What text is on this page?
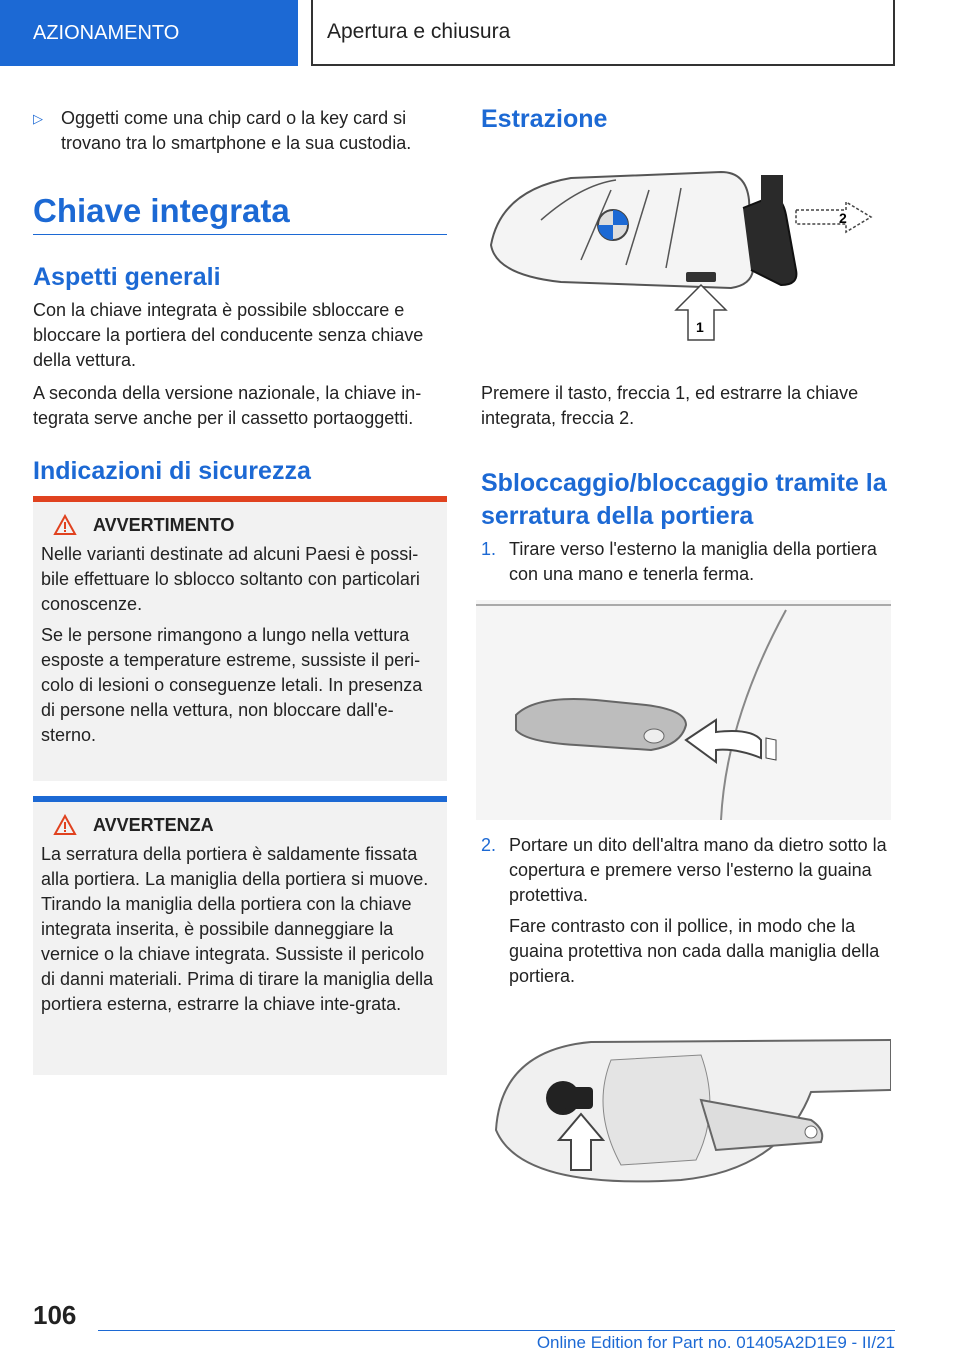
AZIONAMENTO	Apertura e chiusura
▷	Oggetti come una chip card o la key card si trovano tra lo smartphone e la sua custodia.
Chiave integrata
Aspetti generali
Con la chiave integrata è possibile sbloccare e bloccare la portiera del conducente senza chiave della vettura.
A seconda della versione nazionale, la chiave in-tegrata serve anche per il cassetto portaoggetti.
Indicazioni di sicurezza
AVVERTIMENTO

Nelle varianti destinate ad alcuni Paesi è possi-bile effettuare lo sblocco soltanto con particolari conoscenze.

Se le persone rimangono a lungo nella vettura esposte a temperature estreme, sussiste il peri-colo di lesioni o conseguenze letali. In presenza di persone nella vettura, non bloccare dall'e-sterno.

AVVERTENZA

La serratura della portiera è saldamente fissata alla portiera. La maniglia della portiera si muove. Tirando la maniglia della portiera con la chiave integrata inserita, è possibile danneggiare la vernice o la chiave integrata. Sussiste il pericolo di danni materiali. Prima di tirare la maniglia della portiera esterna, estrarre la chiave inte-grata.

Estrazione
2
1
Premere il tasto, freccia 1, ed estrarre la chiave integrata, freccia 2.
Sbloccaggio/bloccaggio tramite la serratura della portiera
1. Tirare verso l'esterno la maniglia della portiera con una mano e tenerla ferma.

2. Portare un dito dell'altra mano da dietro sotto la copertura e premere verso l'esterno la guaina protettiva.

Fare contrasto con il pollice, in modo che la guaina protettiva non cada dalla maniglia della portiera.

106
Online Edition for Part no. 01405A2D1E9 - II/21
